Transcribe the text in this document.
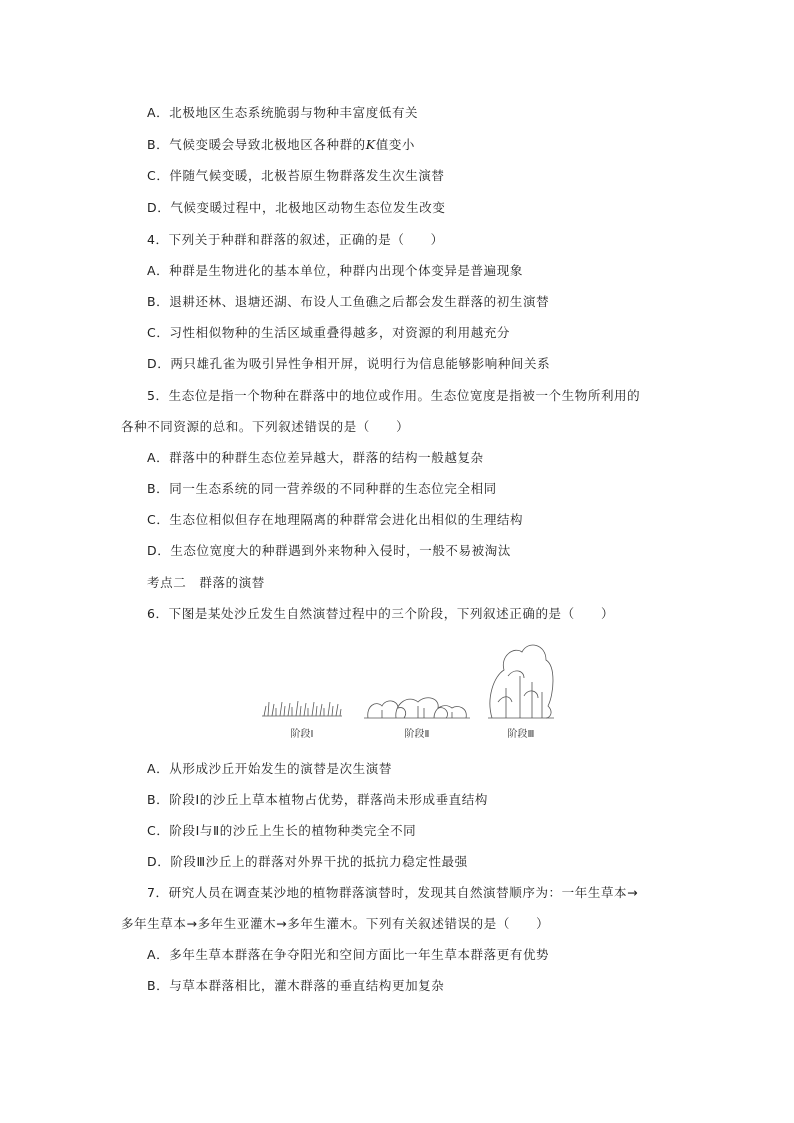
A．北极地区生态系统脆弱与物种丰富度低有关
B．气候变暖会导致北极地区各种群的K值变小
C．伴随气候变暖，北极苔原生物群落发生次生演替
D．气候变暖过程中，北极地区动物生态位发生改变
4．下列关于种群和群落的叙述，正确的是（　　）
A．种群是生物进化的基本单位，种群内出现个体变异是普遍现象
B．退耕还林、退塘还湖、布设人工鱼礁之后都会发生群落的初生演替
C．习性相似物种的生活区域重叠得越多，对资源的利用越充分
D．两只雄孔雀为吸引异性争相开屏，说明行为信息能够影响种间关系
5．生态位是指一个物种在群落中的地位或作用。生态位宽度是指被一个生物所利用的
各种不同资源的总和。下列叙述错误的是（　　）
A．群落中的种群生态位差异越大，群落的结构一般越复杂
B．同一生态系统的同一营养级的不同种群的生态位完全相同
C．生态位相似但存在地理隔离的种群常会进化出相似的生理结构
D．生态位宽度大的种群遇到外来物种入侵时，一般不易被淘汰
考点二　群落的演替
6．下图是某处沙丘发生自然演替过程中的三个阶段，下列叙述正确的是（　　）
阶段Ⅰ	阶段Ⅱ	阶段Ⅲ
A．从形成沙丘开始发生的演替是次生演替
B．阶段Ⅰ的沙丘上草本植物占优势，群落尚未形成垂直结构
C．阶段Ⅰ与Ⅱ的沙丘上生长的植物种类完全不同
D．阶段Ⅲ沙丘上的群落对外界干扰的抵抗力稳定性最强
7．研究人员在调查某沙地的植物群落演替时，发现其自然演替顺序为：一年生草本→
多年生草本→多年生亚灌木→多年生灌木。下列有关叙述错误的是（　　）
A．多年生草本群落在争夺阳光和空间方面比一年生草本群落更有优势
B．与草本群落相比，灌木群落的垂直结构更加复杂
